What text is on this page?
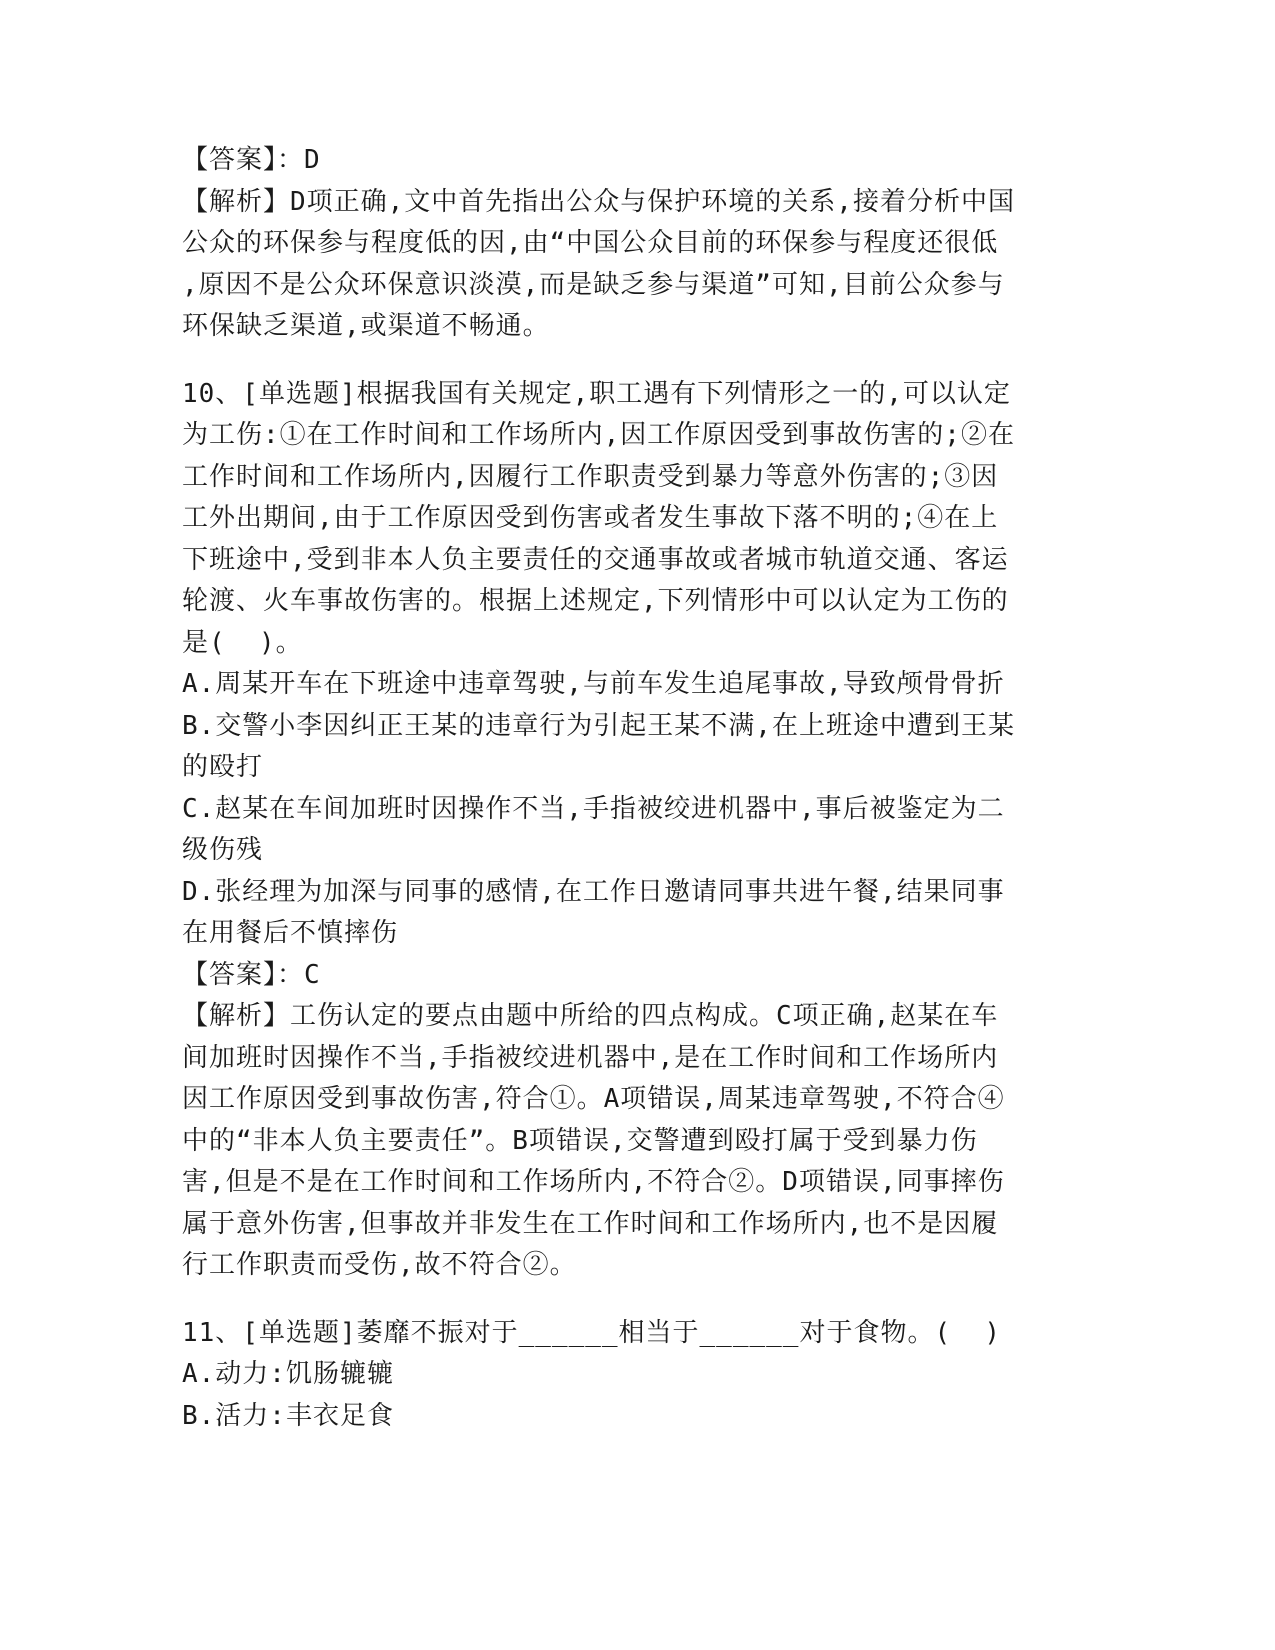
【答案】：D
【解析】D项正确,文中首先指出公众与保护环境的关系,接着分析中国
公众的环保参与程度低的因,由“中国公众目前的环保参与程度还很低
,原因不是公众环保意识淡漠,而是缺乏参与渠道”可知,目前公众参与
环保缺乏渠道,或渠道不畅通。
10、[单选题]根据我国有关规定,职工遇有下列情形之一的,可以认定
为工伤:①在工作时间和工作场所内,因工作原因受到事故伤害的;②在
工作时间和工作场所内,因履行工作职责受到暴力等意外伤害的;③因
工外出期间,由于工作原因受到伤害或者发生事故下落不明的;④在上
下班途中,受到非本人负主要责任的交通事故或者城市轨道交通、客运
轮渡、火车事故伤害的。根据上述规定,下列情形中可以认定为工伤的
是(  )。
A.周某开车在下班途中违章驾驶,与前车发生追尾事故,导致颅骨骨折
B.交警小李因纠正王某的违章行为引起王某不满,在上班途中遭到王某
的殴打
C.赵某在车间加班时因操作不当,手指被绞进机器中,事后被鉴定为二
级伤残
D.张经理为加深与同事的感情,在工作日邀请同事共进午餐,结果同事
在用餐后不慎摔伤
【答案】：C
【解析】工伤认定的要点由题中所给的四点构成。C项正确,赵某在车
间加班时因操作不当,手指被绞进机器中,是在工作时间和工作场所内
因工作原因受到事故伤害,符合①。A项错误,周某违章驾驶,不符合④
中的“非本人负主要责任”。B项错误,交警遭到殴打属于受到暴力伤
害,但是不是在工作时间和工作场所内,不符合②。D项错误,同事摔伤
属于意外伤害,但事故并非发生在工作时间和工作场所内,也不是因履
行工作职责而受伤,故不符合②。
11、[单选题]萎靡不振对于______相当于______对于食物。(  )
A.动力:饥肠辘辘
B.活力:丰衣足食
